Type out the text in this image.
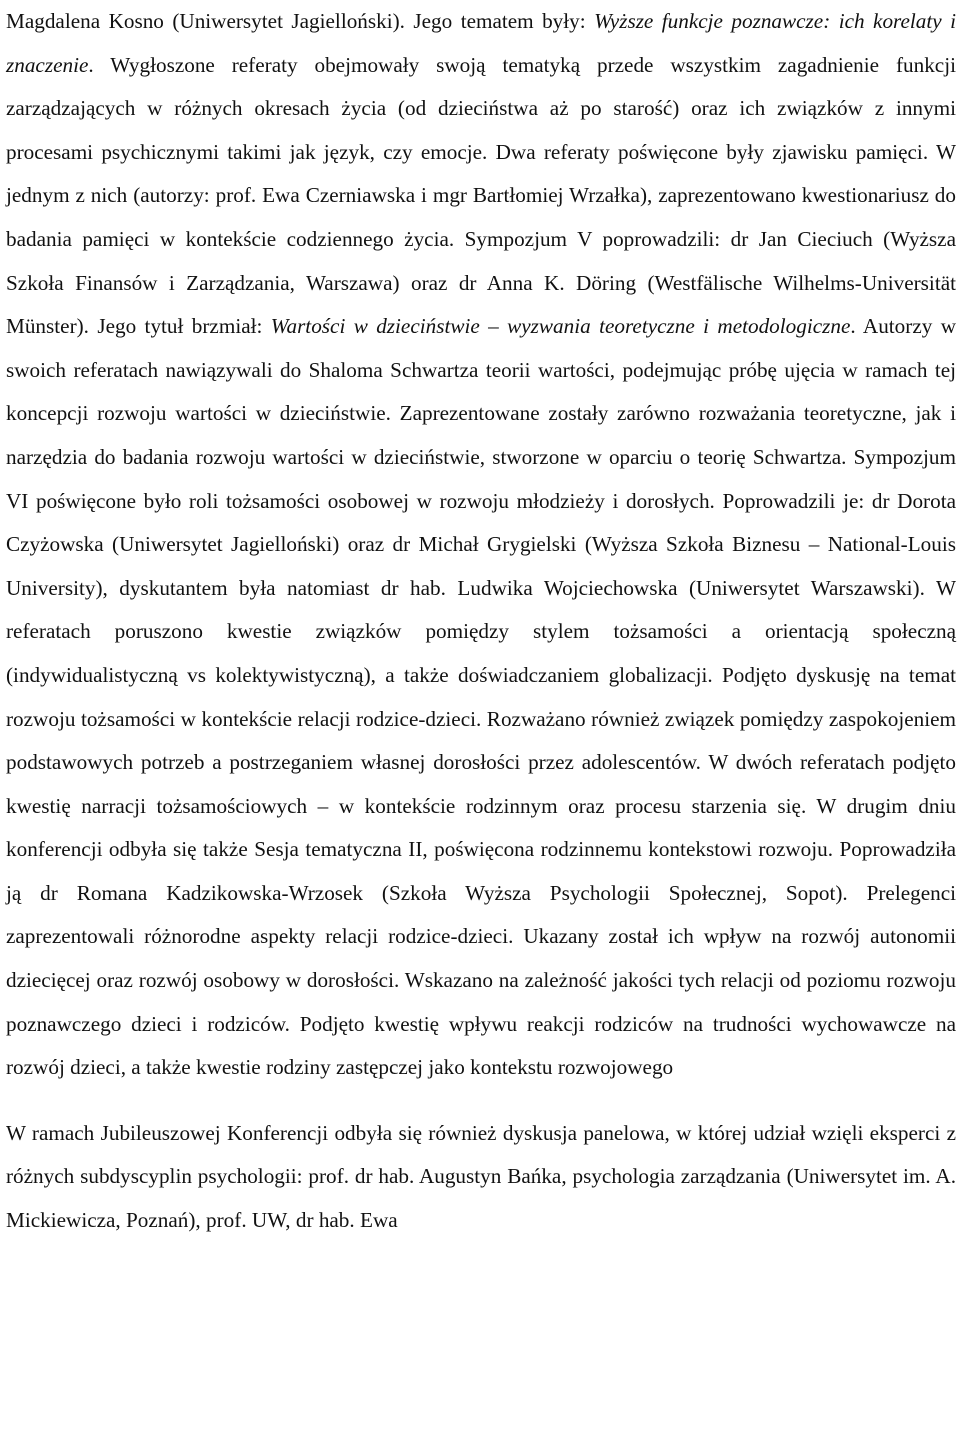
Magdalena Kosno (Uniwersytet Jagielloński). Jego tematem były: Wyższe funkcje poznawcze: ich korelaty i znaczenie. Wygłoszone referaty obejmowały swoją tematyką przede wszystkim zagadnienie funkcji zarządzających w różnych okresach życia (od dzieciństwa aż po starość) oraz ich związków z innymi procesami psychicznymi takimi jak język, czy emocje. Dwa referaty poświęcone były zjawisku pamięci. W jednym z nich (autorzy: prof. Ewa Czerniawska i mgr Bartłomiej Wrzałka), zaprezentowano kwestionariusz do badania pamięci w kontekście codziennego życia. Sympozjum V poprowadzili: dr Jan Cieciuch (Wyższa Szkoła Finansów i Zarządzania, Warszawa) oraz dr Anna K. Döring (Westfälische Wilhelms-Universität Münster). Jego tytuł brzmiał: Wartości w dzieciństwie – wyzwania teoretyczne i metodologiczne. Autorzy w swoich referatach nawiązywali do Shaloma Schwartza teorii wartości, podejmując próbę ujęcia w ramach tej koncepcji rozwoju wartości w dzieciństwie. Zaprezentowane zostały zarówno rozważania teoretyczne, jak i narzędzia do badania rozwoju wartości w dzieciństwie, stworzone w oparciu o teorię Schwartza. Sympozjum VI poświęcone było roli tożsamości osobowej w rozwoju młodzieży i dorosłych. Poprowadzili je: dr Dorota Czyżowska (Uniwersytet Jagielloński) oraz dr Michał Grygielski (Wyższa Szkoła Biznesu – National-Louis University), dyskutantem była natomiast dr hab. Ludwika Wojciechowska (Uniwersytet Warszawski). W referatach poruszono kwestie związków pomiędzy stylem tożsamości a orientacją społeczną (indywidualistyczną vs kolektywistyczną), a także doświadczaniem globalizacji. Podjęto dyskusję na temat rozwoju tożsamości w kontekście relacji rodzice-dzieci. Rozważano również związek pomiędzy zaspokojeniem podstawowych potrzeb a postrzeganiem własnej dorosłości przez adolescentów. W dwóch referatach podjęto kwestię narracji tożsamościowych – w kontekście rodzinnym oraz procesu starzenia się. W drugim dniu konferencji odbyła się także Sesja tematyczna II, poświęcona rodzinnemu kontekstowi rozwoju. Poprowadziła ją dr Romana Kadzikowska-Wrzosek (Szkoła Wyższa Psychologii Społecznej, Sopot). Prelegenci zaprezentowali różnorodne aspekty relacji rodzice-dzieci. Ukazany został ich wpływ na rozwój autonomii dziecięcej oraz rozwój osobowy w dorosłości. Wskazano na zależność jakości tych relacji od poziomu rozwoju poznawczego dzieci i rodziców. Podjęto kwestię wpływu reakcji rodziców na trudności wychowawcze na rozwój dzieci, a także kwestie rodziny zastępczej jako kontekstu rozwojowego

W ramach Jubileuszowej Konferencji odbyła się również dyskusja panelowa, w której udział wzięli eksperci z różnych subdyscyplin psychologii: prof. dr hab. Augustyn Bańka, psychologia zarządzania (Uniwersytet im. A. Mickiewicza, Poznań), prof. UW, dr hab. Ewa
